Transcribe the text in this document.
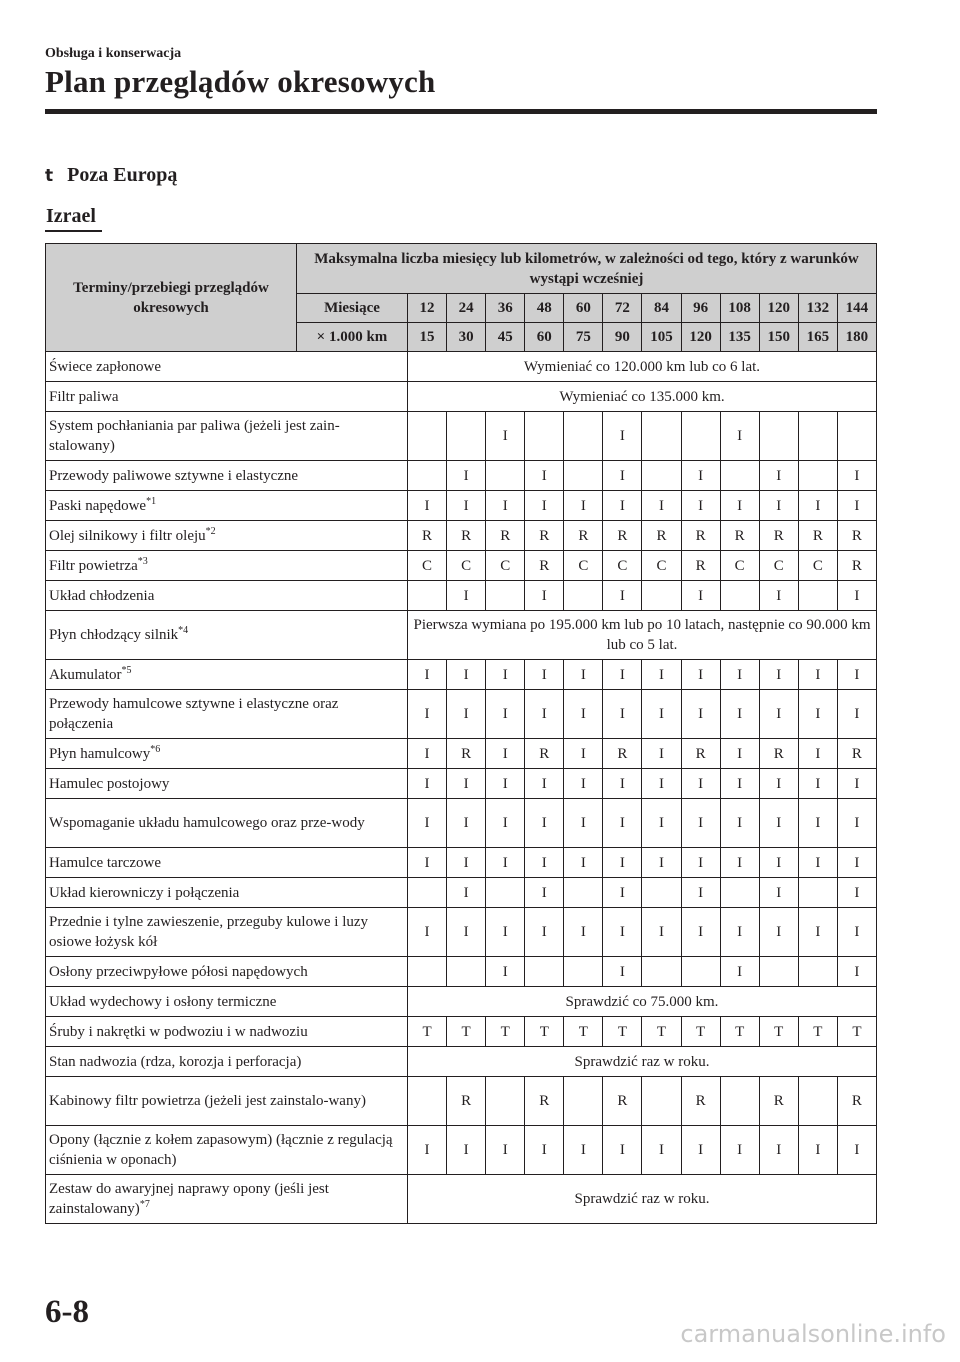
Obsługa i konserwacja
Plan przeglądów okresowych
t Poza Europą
Izrael
Terminy/przebiegi przeglądów okresowych	Maksymalna liczba miesięcy lub kilometrów, w zależności od tego, który z warunków wystąpi wcześniej												
	Miesiące	12	24	36	48	60	72	84	96	108	120	132	144
	× 1.000 km	15	30	45	60	75	90	105	120	135	150	165	180
Świece zapłonowe		Wymieniać co 120.000 km lub co 6 lat.											
Filtr paliwa		Wymieniać co 135.000 km.											
System pochłaniania par paliwa (jeżeli jest zain-stalowany)				I			I			I			
Przewody paliwowe sztywne i elastyczne			I		I		I		I		I		I
Paski napędowe$^{*1}$		I	I	I	I	I	I	I	I	I	I	I	I
Olej silnikowy i filtr oleju$^{*2}$		R	R	R	R	R	R	R	R	R	R	R	R
Filtr powietrza$^{*3}$		C	C	C	R	C	C	C	R	C	C	C	R
Układ chłodzenia			I		I		I		I		I		I
Płyn chłodzący silnik$^{*4}$		Pierwsza wymiana po 195.000 km lub po 10 latach, następnie co 90.000 km lub co 5 lat.											
Akumulator$^{*5}$		I	I	I	I	I	I	I	I	I	I	I	I
Przewody hamulcowe sztywne i elastyczne oraz połączenia		I	I	I	I	I	I	I	I	I	I	I	I
Płyn hamulcowy$^{*6}$		I	R	I	R	I	R	I	R	I	R	I	R
Hamulec postojowy		I	I	I	I	I	I	I	I	I	I	I	I
Wspomaganie układu hamulcowego oraz prze-wody		I	I	I	I	I	I	I	I	I	I	I	I
Hamulce tarczowe		I	I	I	I	I	I	I	I	I	I	I	I
Układ kierowniczy i połączenia			I		I		I		I		I		I
Przednie i tylne zawieszenie, przeguby kulowe i luzy osiowe łożysk kół		I	I	I	I	I	I	I	I	I	I	I	I
Osłony przeciwpyłowe półosi napędowych				I			I			I			I
Układ wydechowy i osłony termiczne		Sprawdzić co 75.000 km.											
Śruby i nakrętki w podwoziu i w nadwoziu		T	T	T	T	T	T	T	T	T	T	T	T
Stan nadwozia (rdza, korozja i perforacja)		Sprawdzić raz w roku.											
Kabinowy filtr powietrza (jeżeli jest zainstalo-wany)			R		R		R		R		R		R
Opony (łącznie z kołem zapasowym) (łącznie z regulacją ciśnienia w oponach)		I	I	I	I	I	I	I	I	I	I	I	I
Zestaw do awaryjnej naprawy opony (jeśli jest zainstalowany)$^{*7}$		Sprawdzić raz w roku.											
6-8
carmanualsonline.info
